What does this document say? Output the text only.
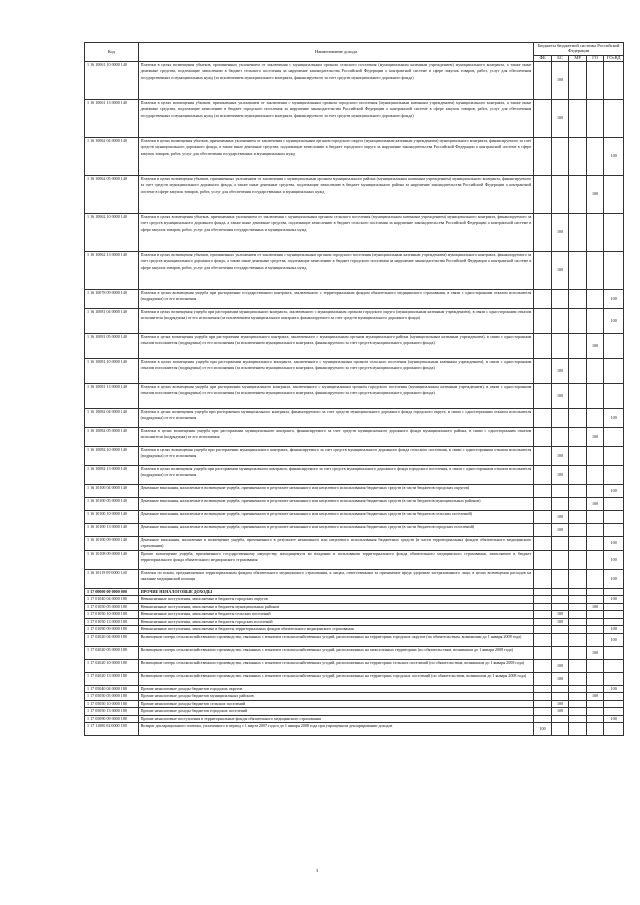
Код	Наименование дохода	Бюджеты бюджетной системы Российской Федерации				
		ФБ	БС	МР	ГО	ГОсВД
1 16 10061 10 0000 140	Платежи в целях возмещения убытков, причиненных уклонением от заключения с муниципальным органом сельского поселения (муниципальным казенным учреждением) муниципального контракта, а также иные денежные средства, подлежащие зачислению в бюджет сельского поселения за нарушение законодательства Российской Федерации о контрактной системе в сфере закупок товаров, работ, услуг для обеспечения государственных и муниципальных нужд (за исключением муниципального контракта, финансируемого за счет средств муниципального дорожного фонда)		100			
1 16 10061 13 0000 140	Платежи в целях возмещения убытков, причиненных уклонением от заключения с муниципальным органом городского поселения (муниципальным казенным учреждением) муниципального контракта, а также иные денежные средства, подлежащие зачислению в бюджет городского поселения за нарушение законодательства Российской Федерации о контрактной системе в сфере закупок товаров, работ, услуг для обеспечения государственных и муниципальных нужд (за исключением муниципального контракта, финансируемого за счет средств муниципального дорожного фонда)		100			
1 16 10062 04 0000 140	Платежи в целях возмещения убытков, причиненных уклонением от заключения с муниципальным органом городского округа (муниципальным казенным учреждением) муниципального контракта, финансируемого за счет средств муниципального дорожного фонда, а также иные денежные средства, подлежащие зачислению в бюджет городского округа за нарушение законодательства Российской Федерации о контрактной системе в сфере закупок товаров, работ, услуг для обеспечения государственных и муниципальных нужд					100
1 16 10062 05 0000 140	Платежи в целях возмещения убытков, причиненных уклонением от заключения с муниципальным органом муниципального района (муниципальным казенным учреждением) муниципального контракта, финансируемого за счет средств муниципального дорожного фонда, а также иные денежные средства, подлежащие зачислению в бюджет муниципального района за нарушение законодательства Российской Федерации о контрактной системе в сфере закупок товаров, работ, услуг для обеспечения государственных и муниципальных нужд				100	
1 16 10062 10 0000 140	Платежи в целях возмещения убытков, причиненных уклонением от заключения с муниципальным органом сельского поселения (муниципальным казенным учреждением) муниципального контракта, финансируемого за счет средств муниципального дорожного фонда, а также иные денежные средства, подлежащие зачислению в бюджет сельского поселения за нарушение законодательства Российской Федерации о контрактной системе в сфере закупок товаров, работ, услуг для обеспечения государственных и муниципальных нужд		100			
1 16 10062 13 0000 140	Платежи в целях возмещения убытков, причиненных уклонением от заключения с муниципальным органом городского поселения (муниципальным казенным учреждением) муниципального контракта, финансируемого за счет средств муниципального дорожного фонда, а также иные денежные средства, подлежащие зачислению в бюджет городского поселения за нарушение законодательства Российской Федерации о контрактной системе в сфере закупок товаров, работ, услуг для обеспечения государственных и муниципальных нужд		100			
1 16 10078 09 0000 140	Платежи в целях возмещения ущерба при расторжении государственного контракта, заключенного с территориальным фондом обязательного медицинского страхования, в связи с односторонним отказом исполнителя (подрядчика) от его исполнения					100
1 16 10081 04 0000 140	Платежи в целях возмещения ущерба при расторжении муниципального контракта, заключенного с муниципальным органом городского округа (муниципальным казенным учреждением), в связи с односторонним отказом исполнителя (подрядчика) от его исполнения (за исключением муниципального контракта, финансируемого за счет средств муниципального дорожного фонда)					100
1 16 10081 05 0000 140	Платежи в целях возмещения ущерба при расторжении муниципального контракта, заключенного с муниципальным органом муниципального района (муниципальным казенным учреждением), в связи с односторонним отказом исполнителя (подрядчика) от его исполнения (за исключением муниципального контракта, финансируемого за счет средств муниципального дорожного фонда)				100	
1 16 10081 10 0000 140	Платежи в целях возмещения ущерба при расторжении муниципального контракта, заключенного с муниципальным органом сельского поселения (муниципальным казенным учреждением), в связи с односторонним отказом исполнителя (подрядчика) от его исполнения (за исключением муниципального контракта, финансируемого за счет средств муниципального дорожного фонда)		100			
1 16 10081 13 0000 140	Платежи в целях возмещения ущерба при расторжении муниципального контракта, заключенного с муниципальным органом городского поселения (муниципальным казенным учреждением), в связи с односторонним отказом исполнителя (подрядчика) от его исполнения (за исключением муниципального контракта, финансируемого за счет средств муниципального дорожного фонда)		100			
1 16 10082 04 0000 140	Платежи в целях возмещения ущерба при расторжении муниципального контракта, финансируемого за счет средств муниципального дорожного фонда городского округа, в связи с односторонним отказом исполнителя (подрядчика) от его исполнения					100
1 16 10082 05 0000 140	Платежи в целях возмещения ущерба при расторжении муниципального контракта, финансируемого за счет средств муниципального дорожного фонда муниципального района, в связи с односторонним отказом исполнителя (подрядчика) от его исполнения				100	
1 16 10082 10 0000 140	Платежи в целях возмещения ущерба при расторжении муниципального контракта, финансируемого за счет средств муниципального дорожного фонда сельского поселения, в связи с односторонним отказом исполнителя (подрядчика) от его исполнения		100			
1 16 10082 13 0000 140	Платежи в целях возмещения ущерба при расторжении муниципального контракта, финансируемого за счет средств муниципального дорожного фонда городского поселения, в связи с односторонним отказом исполнителя (подрядчика) от его исполнения		100			
1 16 10100 04 0000 140	Денежные взыскания, налагаемые в возмещение ущерба, причиненного в результате незаконного или нецелевого использования бюджетных средств (в части бюджетов городских округов)					100
1 16 10100 05 0000 140	Денежные взыскания, налагаемые в возмещение ущерба, причиненного в результате незаконного или нецелевого использования бюджетных средств (в части бюджетов муниципальных районов)				100	
1 16 10100 10 0000 140	Денежные взыскания, налагаемые в возмещение ущерба, причиненного в результате незаконного или нецелевого использования бюджетных средств (в части бюджетов сельских поселений)		100			
1 16 10100 13 0000 140	Денежные взыскания, налагаемые в возмещение ущерба, причиненного в результате незаконного или нецелевого использования бюджетных средств (в части бюджетов городских поселений)		100			
1 16 10100 09 0000 140	Денежные взыскания, налагаемые в возмещение ущерба, причиненного в результате незаконного или нецелевого использования бюджетных средств (в части территориальных фондов обязательного медицинского страхования)					100
1 16 10108 09 0000 140	Прочее возмещение ущерба, причиненного государственному имуществу, находящемуся во владении и пользовании территориального фонда обязательного медицинского страхования, зачисляемое в бюджет территориального фонда обязательного медицинского страхования					100
1 16 10119 09 0000 140	Платежи по искам, предъявляемым территориальным фондом обязательного медицинского страхования, к лицам, ответственным за причинение вреда здоровью застрахованного лица, в целях возмещения расходов на оказание медицинской помощи					100
1 17 00000 00 0000 000	ПРОЧИЕ НЕНАЛОГОВЫЕ ДОХОДЫ					
1 17 01040 04 0000 180	Невыясненные поступления, зачисляемые в бюджеты городских округов					100
1 17 01050 05 0000 180	Невыясненные поступления, зачисляемые в бюджеты муниципальных районов				100	
1 17 01050 10 0000 180	Невыясненные поступления, зачисляемые в бюджеты сельских поселений		100			
1 17 01050 13 0000 180	Невыясненные поступления, зачисляемые в бюджеты городских поселений		100			
1 17 01090 09 0000 180	Невыясненные поступления, зачисляемые в бюджеты территориальных фондов обязательного медицинского страхования					100
1 17 02020 04 0000 180	Возмещение потерь сельскохозяйственного производства, связанных с изъятием сельскохозяйственных угодий, расположенных на территориях городских округов (по обязательствам, возникшим до 1 января 2008 года)					100
1 17 02020 05 0000 180	Возмещение потерь сельскохозяйственного производства, связанных с изъятием сельскохозяйственных угодий, расположенных на межселенных территориях (по обязательствам, возникшим до 1 января 2008 года)				100	
1 17 02020 10 0000 180	Возмещение потерь сельскохозяйственного производства, связанных с изъятием сельскохозяйственных угодий, расположенных на территориях сельских поселений (по обязательствам, возникшим до 1 января 2008 года)		100			
1 17 02020 13 0000 180	Возмещение потерь сельскохозяйственного производства, связанных с изъятием сельскохозяйственных угодий, расположенных на территориях городских поселений (по обязательствам, возникшим до 1 января 2008 года)		100			
1 17 05040 04 0000 180	Прочие неналоговые доходы бюджетов городских округов					100
1 17 05050 05 0000 180	Прочие неналоговые доходы бюджетов муниципальных районов				100	
1 17 05050 10 0000 180	Прочие неналоговые доходы бюджетов сельских поселений		100			
1 17 05050 13 0000 180	Прочие неналоговые доходы бюджетов городских поселений		100			
1 17 05090 09 0000 180	Прочие неналоговые поступления в территориальные фонды обязательного медицинского страхования					100
1 17 11000 02 0000 180	Возврат декларационного платежа, уплаченного в период с 1 марта 2007 года и до 1 января 2008 года при упрощенном декларировании доходов	100				
3
